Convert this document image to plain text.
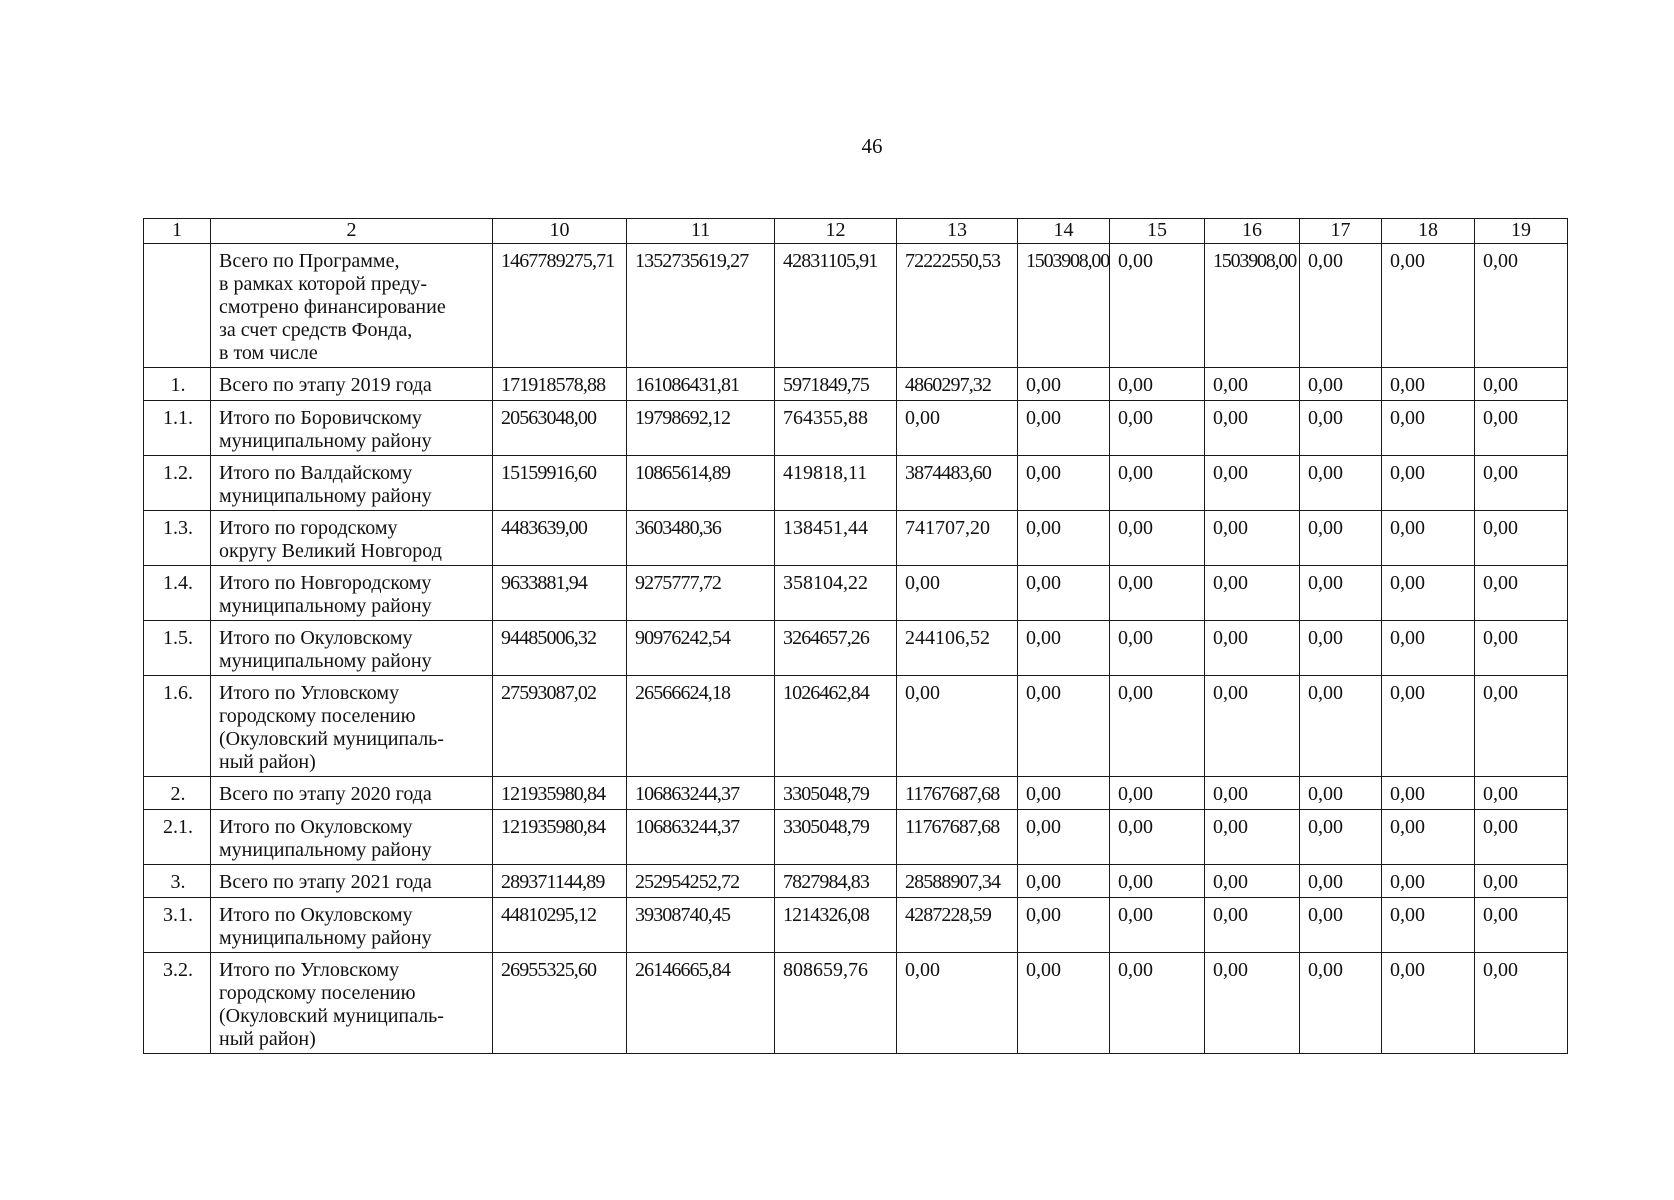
46
1	2	10	11	12	13	14	15	16	17	18	19

	Всего по Программе,
в рамках которой преду-
смотрено финансирование
за счет средств Фонда,
в том числе	1467789275,71	1352735619,27	42831105,91	72222550,53	1503908,00	0,00	1503908,00	0,00	0,00	0,00
1.	Всего по этапу 2019 года	171918578,88	161086431,81	5971849,75	4860297,32	0,00	0,00	0,00	0,00	0,00	0,00
1.1.	Итого по Боровичскому
муниципальному району	20563048,00	19798692,12	764355,88	0,00	0,00	0,00	0,00	0,00	0,00	0,00
1.2.	Итого по Валдайскому
муниципальному району	15159916,60	10865614,89	419818,11	3874483,60	0,00	0,00	0,00	0,00	0,00	0,00
1.3.	Итого по городскому
округу Великий Новгород	4483639,00	3603480,36	138451,44	741707,20	0,00	0,00	0,00	0,00	0,00	0,00
1.4.	Итого по Новгородскому
муниципальному району	9633881,94	9275777,72	358104,22	0,00	0,00	0,00	0,00	0,00	0,00	0,00
1.5.	Итого по Окуловскому
муниципальному району	94485006,32	90976242,54	3264657,26	244106,52	0,00	0,00	0,00	0,00	0,00	0,00
1.6.	Итого по Угловскому
городскому поселению
(Окуловский муниципаль-
ный район)	27593087,02	26566624,18	1026462,84	0,00	0,00	0,00	0,00	0,00	0,00	0,00
2.	Всего по этапу 2020 года	121935980,84	106863244,37	3305048,79	11767687,68	0,00	0,00	0,00	0,00	0,00	0,00
2.1.	Итого по Окуловскому
муниципальному району	121935980,84	106863244,37	3305048,79	11767687,68	0,00	0,00	0,00	0,00	0,00	0,00
3.	Всего по этапу 2021 года	289371144,89	252954252,72	7827984,83	28588907,34	0,00	0,00	0,00	0,00	0,00	0,00
3.1.	Итого по Окуловскому
муниципальному району	44810295,12	39308740,45	1214326,08	4287228,59	0,00	0,00	0,00	0,00	0,00	0,00
3.2.	Итого по Угловскому
городскому поселению
(Окуловский муниципаль-
ный район)	26955325,60	26146665,84	808659,76	0,00	0,00	0,00	0,00	0,00	0,00	0,00
